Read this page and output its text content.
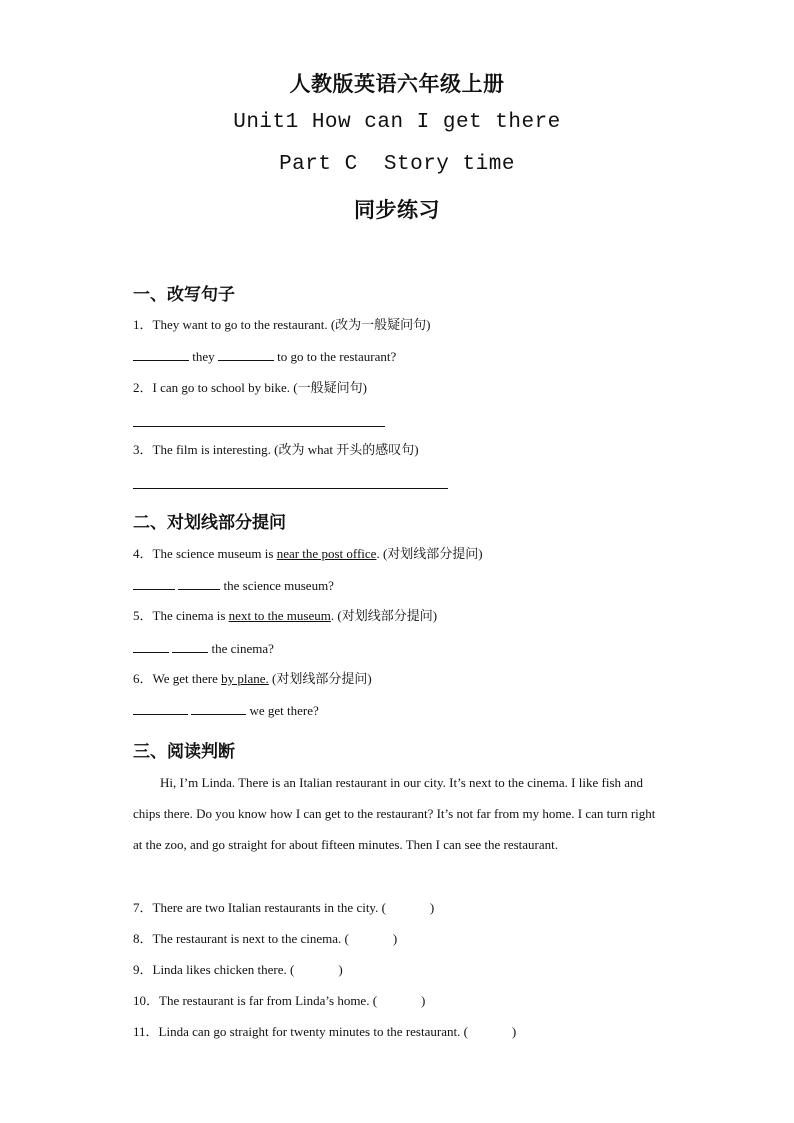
人教版英语六年级上册
Unit1 How can I get there
Part C  Story time
同步练习
一、改写句子
1．They want to go to the restaurant. (改为一般疑问句)
they	to go to the restaurant?
2．I can go to school by bike. (一般疑问句)
3．The film is interesting. (改为 what 开头的感叹句)
二、对划线部分提问
4．The science museum is near the post office. (对划线部分提问)
the science museum?
5．The cinema is next to the museum. (对划线部分提问)
the cinema?
6．We get there by plane. (对划线部分提问)
we get there?
三、阅读判断
Hi, I’m Linda. There is an Italian restaurant in our city. It’s next to the cinema. I like fish and chips there. Do you know how I can get to the restaurant? It’s not far from my home. I can turn right at the zoo, and go straight for about fifteen minutes. Then I can see the restaurant.
7．There are two Italian restaurants in the city. (	)
8．The restaurant is next to the cinema. (	)
9．Linda likes chicken there. (	)
10．The restaurant is far from Linda’s home. (	)
11．Linda can go straight for twenty minutes to the restaurant. (	)
